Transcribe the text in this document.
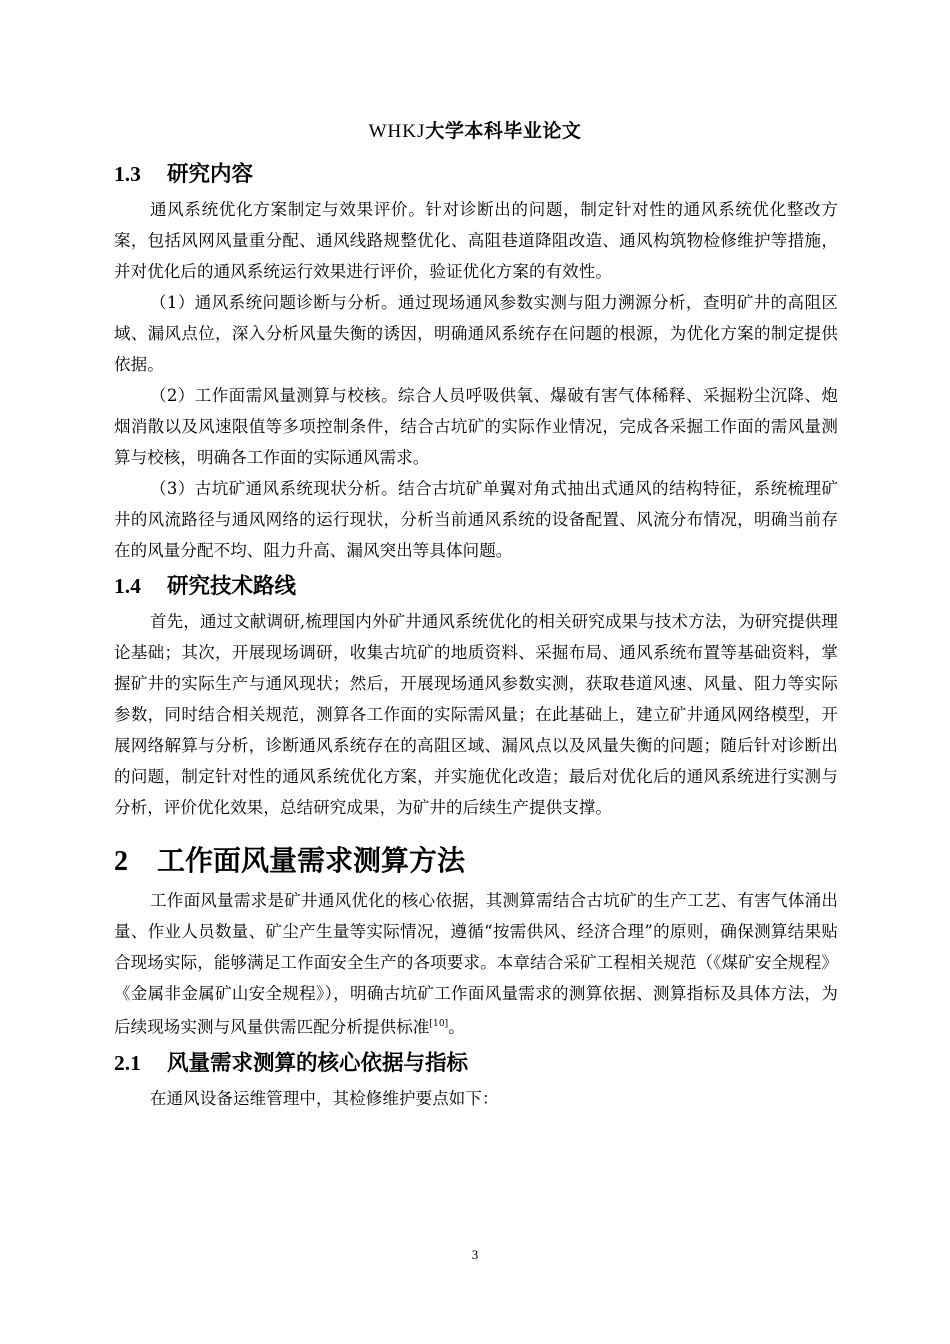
WHKJ大学本科毕业论文
1.3 研究内容

通风系统优化方案制定与效果评价。针对诊断出的问题，制定针对性的通风系统优化整改方案，包括风网风量重分配、通风线路规整优化、高阻巷道降阻改造、通风构筑物检修维护等措施，并对优化后的通风系统运行效果进行评价，验证优化方案的有效性。

（1）通风系统问题诊断与分析。通过现场通风参数实测与阻力溯源分析，查明矿井的高阻区域、漏风点位，深入分析风量失衡的诱因，明确通风系统存在问题的根源，为优化方案的制定提供依据。

（2）工作面需风量测算与校核。综合人员呼吸供氧、爆破有害气体稀释、采掘粉尘沉降、炮烟消散以及风速限值等多项控制条件，结合古坑矿的实际作业情况，完成各采掘工作面的需风量测算与校核，明确各工作面的实际通风需求。

（3）古坑矿通风系统现状分析。结合古坑矿单翼对角式抽出式通风的结构特征，系统梳理矿井的风流路径与通风网络的运行现状，分析当前通风系统的设备配置、风流分布情况，明确当前存在的风量分配不均、阻力升高、漏风突出等具体问题。

1.4 研究技术路线

首先，通过文献调研,梳理国内外矿井通风系统优化的相关研究成果与技术方法，为研究提供理论基础；其次，开展现场调研，收集古坑矿的地质资料、采掘布局、通风系统布置等基础资料，掌握矿井的实际生产与通风现状；然后，开展现场通风参数实测，获取巷道风速、风量、阻力等实际参数，同时结合相关规范，测算各工作面的实际需风量；在此基础上，建立矿井通风网络模型，开展网络解算与分析，诊断通风系统存在的高阻区域、漏风点以及风量失衡的问题；随后针对诊断出的问题，制定针对性的通风系统优化方案，并实施优化改造；最后对优化后的通风系统进行实测与分析，评价优化效果，总结研究成果，为矿井的后续生产提供支撑。

2 工作面风量需求测算方法

工作面风量需求是矿井通风优化的核心依据，其测算需结合古坑矿的生产工艺、有害气体涌出量、作业人员数量、矿尘产生量等实际情况，遵循“按需供风、经济合理”的原则，确保测算结果贴合现场实际，能够满足工作面安全生产的各项要求。本章结合采矿工程相关规范（《煤矿安全规程》《金属非金属矿山安全规程》），明确古坑矿工作面风量需求的测算依据、测算指标及具体方法，为后续现场实测与风量供需匹配分析提供标准[10]。

2.1 风量需求测算的核心依据与指标

在通风设备运维管理中，其检修维护要点如下：

3
